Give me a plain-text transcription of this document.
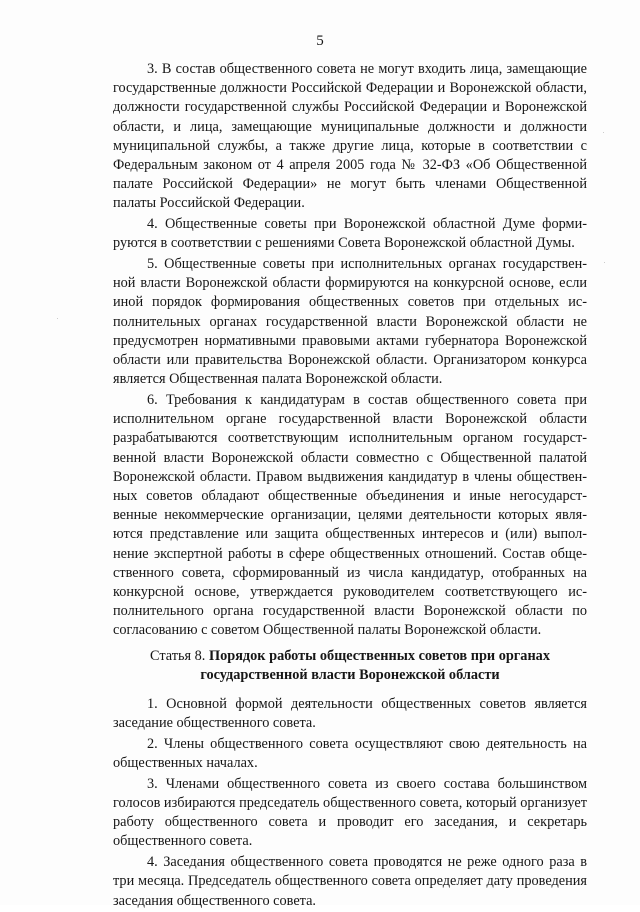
5

3. В состав общественного совета не могут входить лица, замещающие государственные должности Российской Федерации и Воронежской области, должности государственной службы Российской Федерации и Воронежской области, и лица, замещающие муниципальные должности и должности муниципальной службы, а также другие лица, которые в соответствии с Федеральным законом от 4 апреля 2005 года № 32-ФЗ «Об Общественной палате Российской Федерации» не могут быть членами Общественной палаты Российской Федерации.

4. Общественные советы при Воронежской областной Думе формируются в соответствии с решениями Совета Воронежской областной Думы.

5. Общественные советы при исполнительных органах государственной власти Воронежской области формируются на конкурсной основе, если иной порядок формирования общественных советов при отдельных исполнительных органах государственной власти Воронежской области не предусмотрен нормативными правовыми актами губернатора Воронежской области или правительства Воронежской области. Организатором конкурса является Общественная палата Воронежской области.

6. Требования к кандидатурам в состав общественного совета при исполнительном органе государственной власти Воронежской области разрабатываются соответствующим исполнительным органом государственной власти Воронежской области совместно с Общественной палатой Воронежской области. Правом выдвижения кандидатур в члены общественных советов обладают общественные объединения и иные негосударственные некоммерческие организации, целями деятельности которых являются представление или защита общественных интересов и (или) выполнение экспертной работы в сфере общественных отношений. Состав общественного совета, сформированный из числа кандидатур, отобранных на конкурсной основе, утверждается руководителем соответствующего исполнительного органа государственной власти Воронежской области по согласованию с советом Общественной палаты Воронежской области.

Статья 8. Порядок работы общественных советов при органах
государственной власти Воронежской области

1. Основной формой деятельности общественных советов является заседание общественного совета.

2. Члены общественного совета осуществляют свою деятельность на общественных началах.

3. Членами общественного совета из своего состава большинством голосов избираются председатель общественного совета, который организует работу общественного совета и проводит его заседания, и секретарь общественного совета.

4. Заседания общественного совета проводятся не реже одного раза в три месяца. Председатель общественного совета определяет дату проведения заседания общественного совета.
